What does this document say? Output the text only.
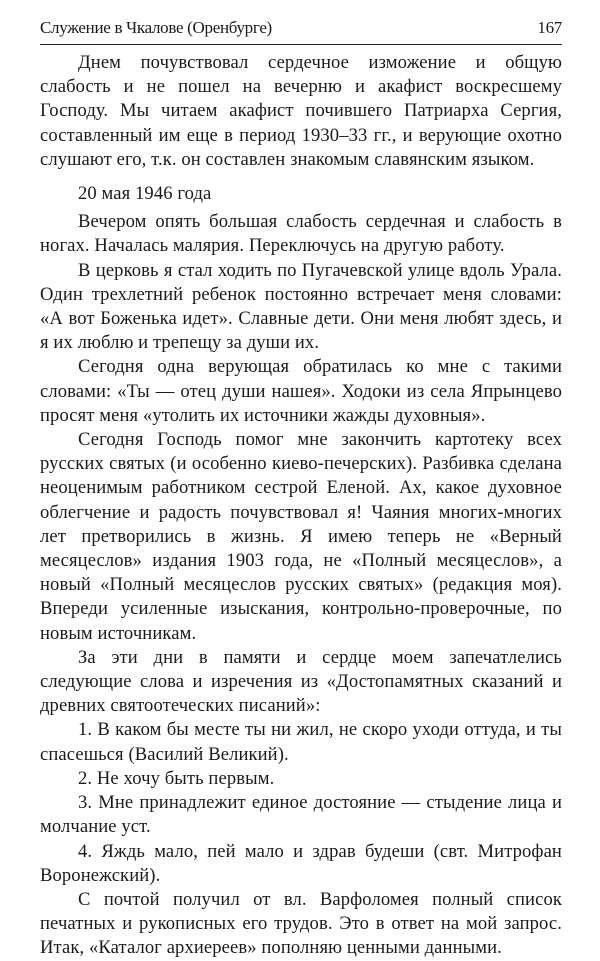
Служение в Чкалове (Оренбурге)	167

Днем почувствовал сердечное изможение и общую слабость и не пошел на вечерню и акафист воскресшему Господу. Мы читаем акафист почившего Патриарха Сергия, составленный им еще в период 1930–33 гг., и верующие охотно слушают его, т.к. он составлен знакомым славянским языком.

20 мая 1946 года

Вечером опять большая слабость сердечная и слабость в ногах. Началась малярия. Переключусь на другую работу.

В церковь я стал ходить по Пугачевской улице вдоль Урала. Один трехлетний ребенок постоянно встречает меня словами: «А вот Боженька идет». Славные дети. Они меня любят здесь, и я их люблю и трепещу за души их.

Сегодня одна верующая обратилась ко мне с такими словами: «Ты — отец души нашея». Ходоки из села Япрынцево просят меня «утолить их источники жажды духовныя».

Сегодня Господь помог мне закончить картотеку всех русских святых (и особенно киево-печерских). Разбивка сделана неоценимым работником сестрой Еленой. Ах, какое духовное облегчение и радость почувствовал я! Чаяния многих-многих лет претворились в жизнь. Я имею теперь не «Верный месяцеслов» издания 1903 года, не «Полный месяцеслов», а новый «Полный месяцеслов русских святых» (редакция моя). Впереди усиленные изыскания, контрольно-проверочные, по новым источникам.

За эти дни в памяти и сердце моем запечатлелись следующие слова и изречения из «Достопамятных сказаний и древних святоотеческих писаний»:

1. В каком бы месте ты ни жил, не скоро уходи оттуда, и ты спасешься (Василий Великий).

2. Не хочу быть первым.

3. Мне принадлежит единое достояние — стыдение лица и молчание уст.

4. Яждь мало, пей мало и здрав будеши (свт. Митрофан Воронежский).

С почтой получил от вл. Варфоломея полный список печатных и рукописных его трудов. Это в ответ на мой запрос. Итак, «Каталог архиереев» пополняю ценными данными.
